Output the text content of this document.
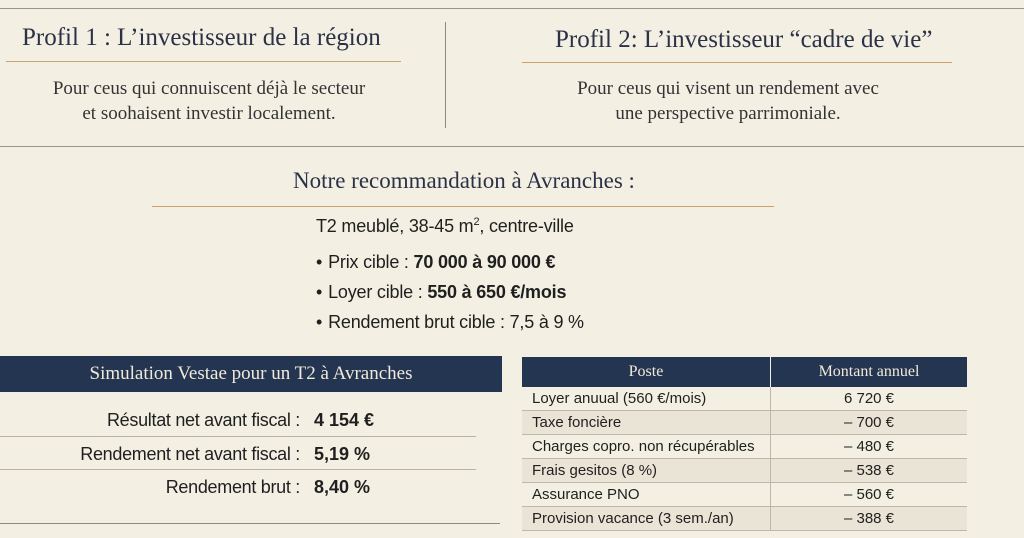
Profil 1 : L’investisseur de la région
Pour ceus qui connuiscent déjà le secteur
et soohaisent investir localement.
Profil 2: L’investisseur “cadre de vie”
Pour ceus qui visent un rendement avec
une perspective parrimoniale.
Notre recommandation à Avranches :
T2 meublé, 38-45 $m^2$, centre-ville
• Prix cible : 70 000 à 90 000 €
• Loyer cible : 550 à 650 €/mois
• Rendement brut cible : 7,5 à 9 %
Simulation Vestae pour un T2 à Avranches
Résultat net avant fiscal : 4 154 €
Rendement net avant fiscal : 5,19 %
Rendement brut : 8,40 %
Poste	Montant annuel
Loyer anuual (560 €/mois)	6 720 €
Taxe foncière	– 700 €
Charges copro. non récupérables	– 480 €
Frais gesitos (8 %)	– 538 €
Assurance PNO	– 560 €
Provision vacance (3 sem./an)	– 388 €
